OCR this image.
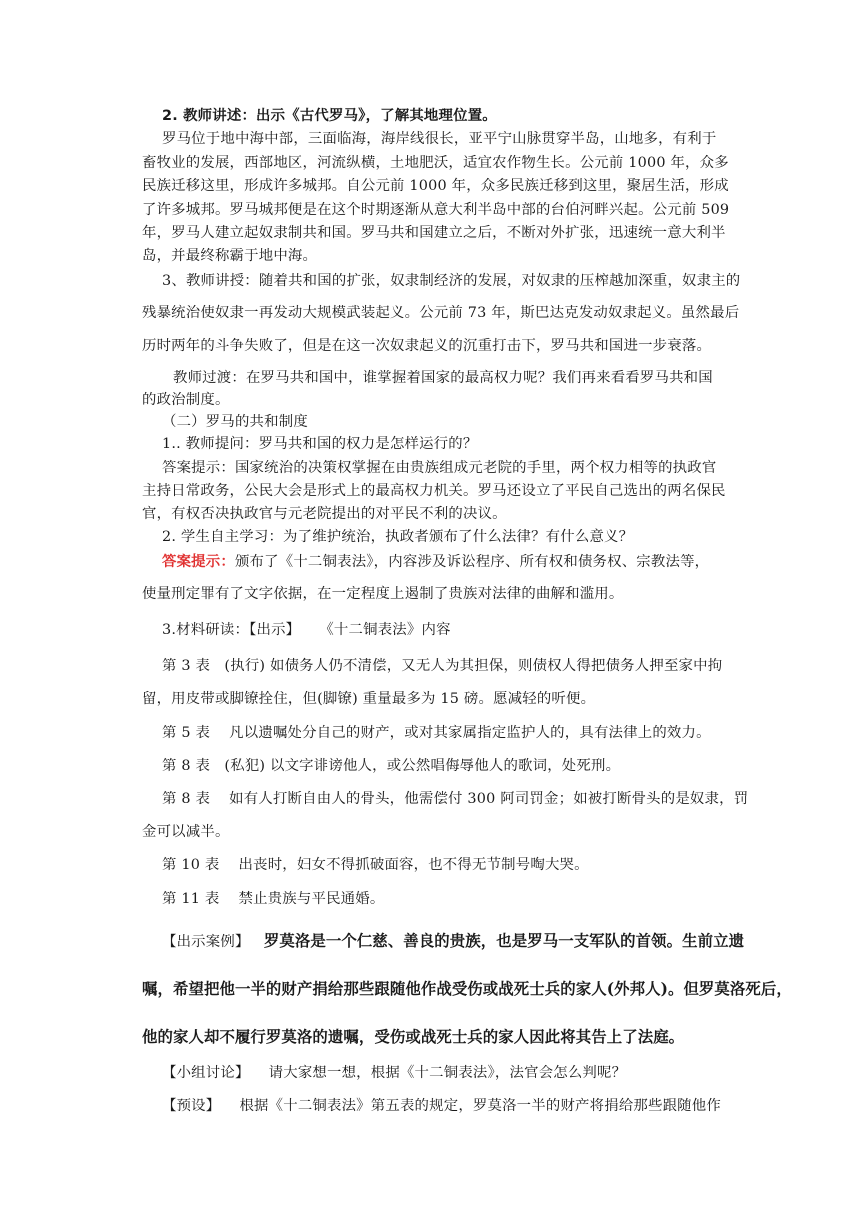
2. 教师讲述：出示《古代罗马》，了解其地理位置。

罗马位于地中海中部，三面临海，海岸线很长，亚平宁山脉贯穿半岛，山地多，有利于

畜牧业的发展，西部地区，河流纵横，土地肥沃，适宜农作物生长。公元前 1000 年，众多

民族迁移这里，形成许多城邦。自公元前 1000 年，众多民族迁移到这里，聚居生活，形成

了许多城邦。罗马城邦便是在这个时期逐渐从意大利半岛中部的台伯河畔兴起。公元前 509

年，罗马人建立起奴隶制共和国。罗马共和国建立之后，不断对外扩张，迅速统一意大利半

岛，并最终称霸于地中海。

3、教师讲授：随着共和国的扩张，奴隶制经济的发展，对奴隶的压榨越加深重，奴隶主的

残暴统治使奴隶一再发动大规模武装起义。公元前 73 年，斯巴达克发动奴隶起义。虽然最后

历时两年的斗争失败了，但是在这一次奴隶起义的沉重打击下，罗马共和国进一步衰落。

教师过渡：在罗马共和国中，谁掌握着国家的最高权力呢？我们再来看看罗马共和国

的政治制度。

（二）罗马的共和制度

1.. 教师提问：罗马共和国的权力是怎样运行的？

答案提示：国家统治的决策权掌握在由贵族组成元老院的手里，两个权力相等的执政官

主持日常政务，公民大会是形式上的最高权力机关。罗马还设立了平民自己选出的两名保民

官，有权否决执政官与元老院提出的对平民不利的决议。

2. 学生自主学习：为了维护统治，执政者颁布了什么法律？有什么意义？

答案提示：颁布了《十二铜表法》，内容涉及诉讼程序、所有权和债务权、宗教法等，

使量刑定罪有了文字依据，在一定程度上遏制了贵族对法律的曲解和滥用。

3.材料研读：【出示】    《十二铜表法》内容

第 3 表   (执行) 如债务人仍不清偿，又无人为其担保，则债权人得把债务人押至家中拘

留，用皮带或脚镣拴住，但(脚镣) 重量最多为 15 磅。愿减轻的听便。

第 5 表    凡以遗嘱处分自己的财产，或对其家属指定监护人的，具有法律上的效力。

第 8 表   (私犯) 以文字诽谤他人，或公然唱侮辱他人的歌词，处死刑。

第 8 表    如有人打断自由人的骨头，他需偿付 300 阿司罚金；如被打断骨头的是奴隶，罚

金可以减半。

第 10 表    出丧时，妇女不得抓破面容，也不得无节制号啕大哭。

第 11 表    禁止贵族与平民通婚。

【出示案例】   罗莫洛是一个仁慈、善良的贵族，也是罗马一支军队的首领。生前立遗

嘱，希望把他一半的财产捐给那些跟随他作战受伤或战死士兵的家人(外邦人)。但罗莫洛死后，

他的家人却不履行罗莫洛的遗嘱，受伤或战死士兵的家人因此将其告上了法庭。

【小组讨论】    请大家想一想，根据《十二铜表法》，法官会怎么判呢？

【预设】    根据《十二铜表法》第五表的规定，罗莫洛一半的财产将捐给那些跟随他作
